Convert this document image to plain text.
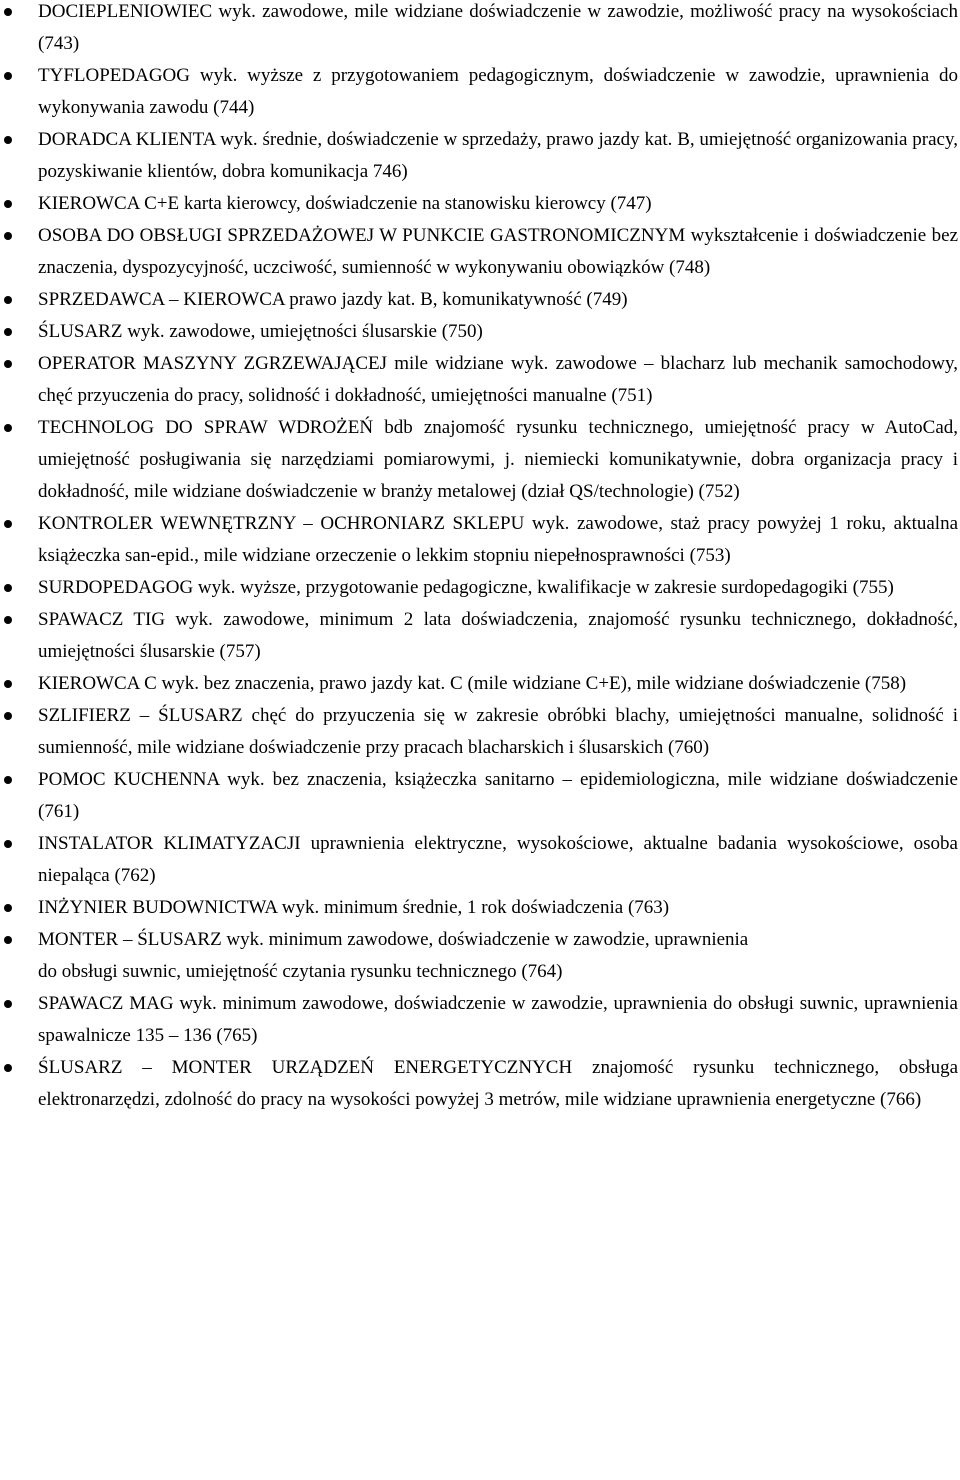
DOCIEPLENIOWIEC wyk. zawodowe, mile widziane doświadczenie w zawodzie, możliwość pracy na wysokościach (743)
TYFLOPEDAGOG wyk. wyższe z przygotowaniem pedagogicznym, doświadczenie w zawodzie, uprawnienia do wykonywania zawodu (744)
DORADCA KLIENTA wyk. średnie, doświadczenie w sprzedaży, prawo jazdy kat. B, umiejętność organizowania pracy, pozyskiwanie klientów, dobra komunikacja 746)
KIEROWCA C+E karta kierowcy, doświadczenie na stanowisku kierowcy (747)
OSOBA DO OBSŁUGI SPRZEDAŻOWEJ W PUNKCIE GASTRONOMICZNYM wykształcenie i doświadczenie bez znaczenia, dyspozycyjność, uczciwość, sumienność w wykonywaniu obowiązków (748)
SPRZEDAWCA – KIEROWCA prawo jazdy kat. B, komunikatywność (749)
ŚLUSARZ wyk. zawodowe, umiejętności ślusarskie (750)
OPERATOR MASZYNY ZGRZEWAJĄCEJ mile widziane wyk. zawodowe – blacharz lub mechanik samochodowy, chęć przyuczenia do pracy, solidność i dokładność, umiejętności manualne (751)
TECHNOLOG DO SPRAW WDROŻEŃ bdb znajomość rysunku technicznego, umiejętność pracy w AutoCad, umiejętność posługiwania się narzędziami pomiarowymi, j. niemiecki komunikatywnie, dobra organizacja pracy i dokładność, mile widziane doświadczenie w branży metalowej (dział QS/technologie) (752)
KONTROLER WEWNĘTRZNY – OCHRONIARZ SKLEPU wyk. zawodowe, staż pracy powyżej 1 roku, aktualna książeczka san-epid., mile widziane orzeczenie o lekkim stopniu niepełnosprawności (753)
SURDOPEDAGOG wyk. wyższe, przygotowanie pedagogiczne, kwalifikacje w zakresie surdopedagogiki (755)
SPAWACZ TIG wyk. zawodowe, minimum 2 lata doświadczenia, znajomość rysunku technicznego, dokładność, umiejętności ślusarskie (757)
KIEROWCA C wyk. bez znaczenia, prawo jazdy kat. C (mile widziane C+E), mile widziane doświadczenie (758)
SZLIFIERZ – ŚLUSARZ chęć do przyuczenia się w zakresie obróbki blachy, umiejętności manualne, solidność i sumienność, mile widziane doświadczenie przy pracach blacharskich i ślusarskich (760)
POMOC KUCHENNA wyk. bez znaczenia, książeczka sanitarno – epidemiologiczna, mile widziane doświadczenie (761)
INSTALATOR KLIMATYZACJI uprawnienia elektryczne, wysokościowe, aktualne badania wysokościowe, osoba niepaląca (762)
INŻYNIER BUDOWNICTWA wyk. minimum średnie, 1 rok doświadczenia (763)
MONTER – ŚLUSARZ wyk. minimum zawodowe, doświadczenie w zawodzie, uprawnienia
do obsługi suwnic, umiejętność czytania rysunku technicznego (764)
SPAWACZ MAG wyk. minimum zawodowe, doświadczenie w zawodzie, uprawnienia do obsługi suwnic, uprawnienia spawalnicze 135 – 136 (765)
ŚLUSARZ – MONTER URZĄDZEŃ ENERGETYCZNYCH znajomość rysunku technicznego, obsługa elektronarzędzi, zdolność do pracy na wysokości powyżej 3 metrów, mile widziane uprawnienia energetyczne (766)
